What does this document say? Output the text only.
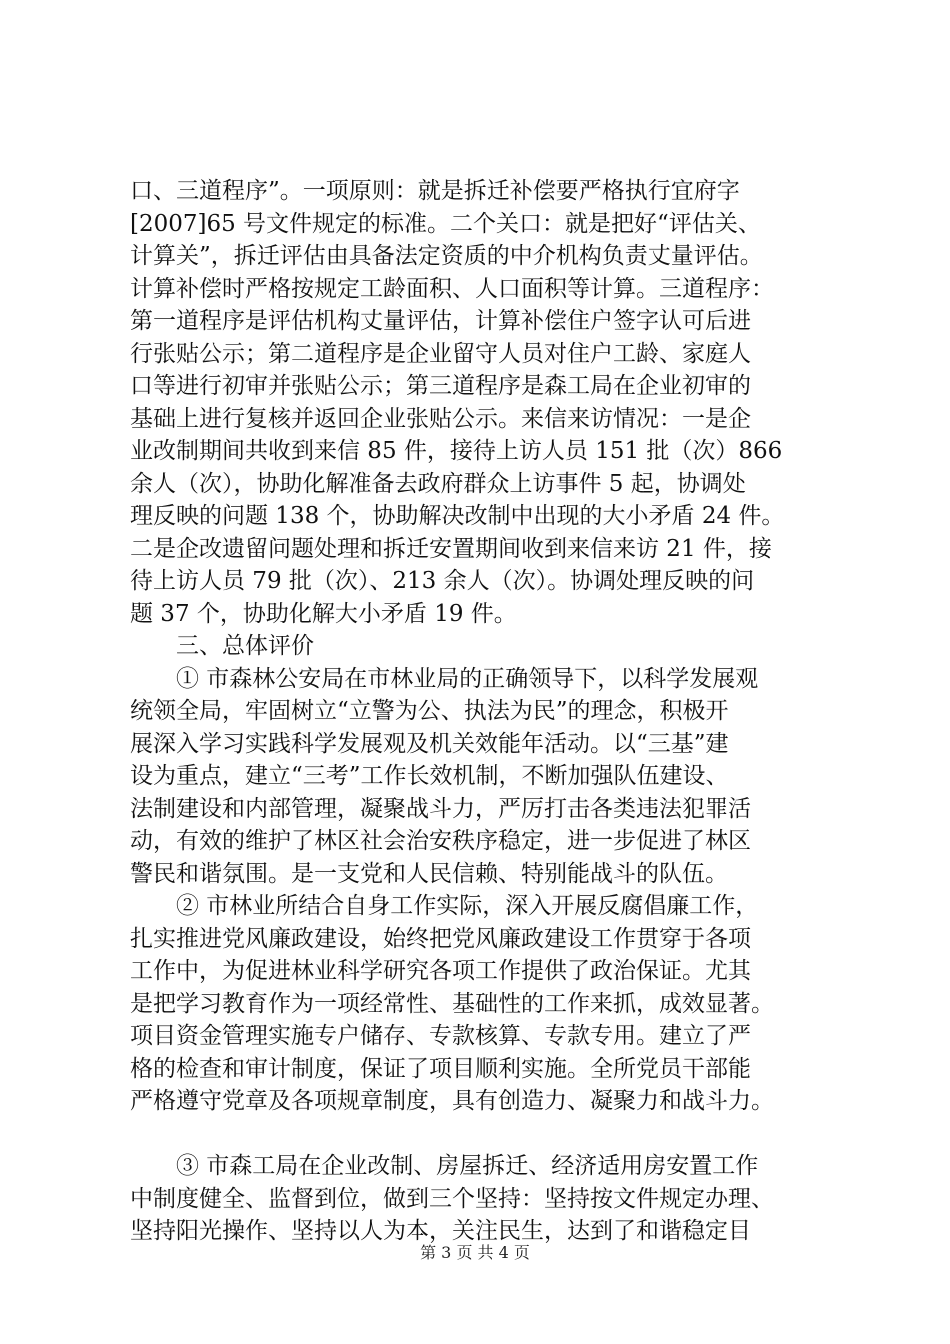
口、三道程序”。一项原则：就是拆迁补偿要严格执行宜府字
[2007]65 号文件规定的标准。二个关口：就是把好“评估关、
计算关”，拆迁评估由具备法定资质的中介机构负责丈量评估。
计算补偿时严格按规定工龄面积、人口面积等计算。三道程序：
第一道程序是评估机构丈量评估，计算补偿住户签字认可后进
行张贴公示；第二道程序是企业留守人员对住户工龄、家庭人
口等进行初审并张贴公示；第三道程序是森工局在企业初审的
基础上进行复核并返回企业张贴公示。来信来访情况：一是企
业改制期间共收到来信 85 件，接待上访人员 151 批（次）866
余人（次），协助化解准备去政府群众上访事件 5 起，协调处
理反映的问题 138 个，协助解决改制中出现的大小矛盾 24 件。
二是企改遗留问题处理和拆迁安置期间收到来信来访 21 件，接
待上访人员 79 批（次）、213 余人（次）。协调处理反映的问
题 37 个，协助化解大小矛盾 19 件。
三、总体评价
① 市森林公安局在市林业局的正确领导下，以科学发展观
统领全局，牢固树立“立警为公、执法为民”的理念，积极开
展深入学习实践科学发展观及机关效能年活动。以“三基”建
设为重点，建立“三考”工作长效机制，不断加强队伍建设、
法制建设和内部管理，凝聚战斗力，严厉打击各类违法犯罪活
动，有效的维护了林区社会治安秩序稳定，进一步促进了林区
警民和谐氛围。是一支党和人民信赖、特别能战斗的队伍。
② 市林业所结合自身工作实际，深入开展反腐倡廉工作，
扎实推进党风廉政建设，始终把党风廉政建设工作贯穿于各项
工作中，为促进林业科学研究各项工作提供了政治保证。尤其
是把学习教育作为一项经常性、基础性的工作来抓，成效显著。
项目资金管理实施专户储存、专款核算、专款专用。建立了严
格的检查和审计制度，保证了项目顺利实施。全所党员干部能
严格遵守党章及各项规章制度，具有创造力、凝聚力和战斗力。
③ 市森工局在企业改制、房屋拆迁、经济适用房安置工作
中制度健全、监督到位，做到三个坚持：坚持按文件规定办理、
坚持阳光操作、坚持以人为本，关注民生，达到了和谐稳定目
第 3 页 共 4 页
